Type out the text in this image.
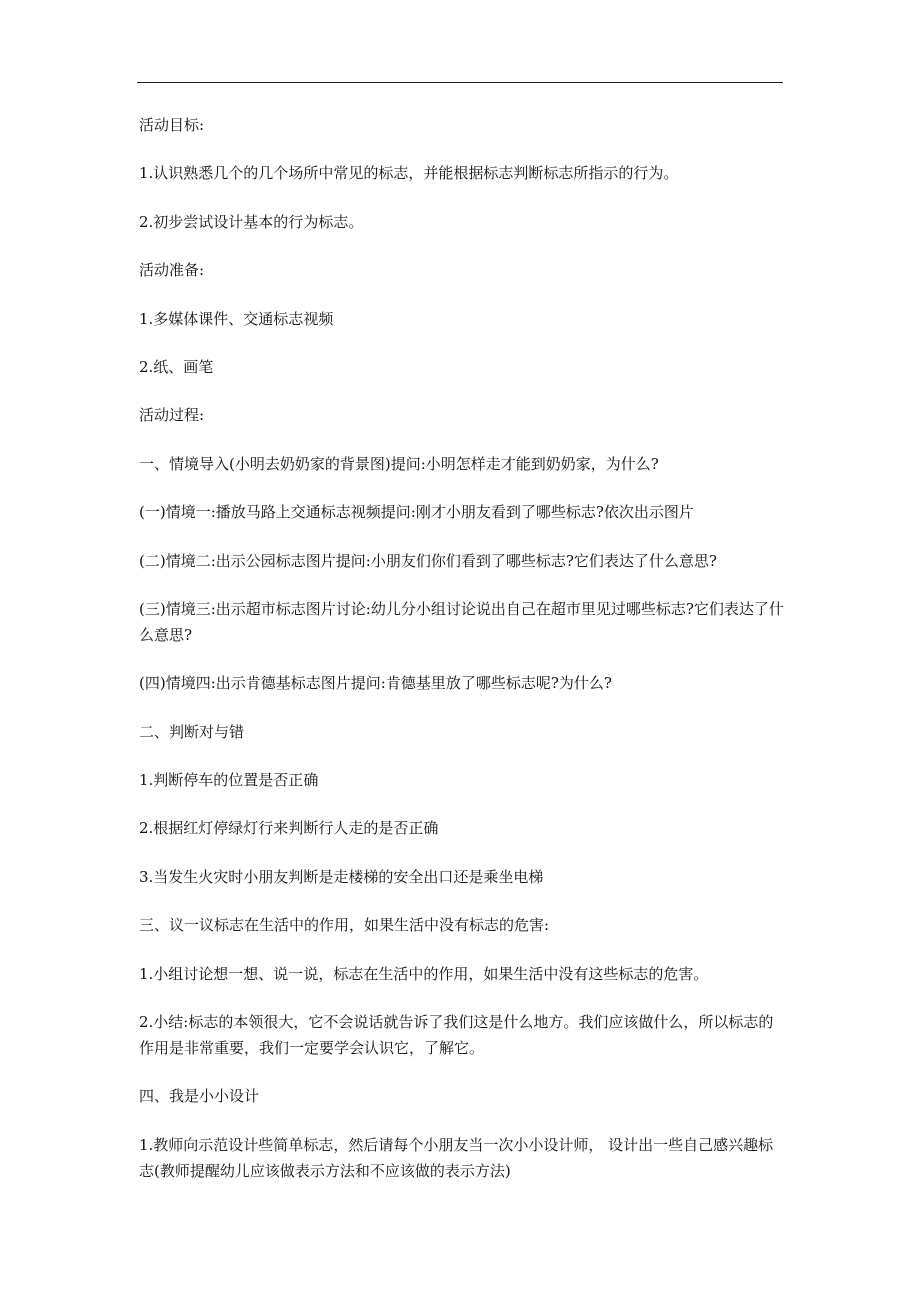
活动目标:

1.认识熟悉几个的几个场所中常见的标志，并能根据标志判断标志所指示的行为。

2.初步尝试设计基本的行为标志。

活动准备:

1.多媒体课件、交通标志视频

2.纸、画笔

活动过程:

一、情境导入(小明去奶奶家的背景图)提问:小明怎样走才能到奶奶家，为什么?

(一)情境一:播放马路上交通标志视频提问:刚才小朋友看到了哪些标志?依次出示图片

(二)情境二:出示公园标志图片提问:小朋友们你们看到了哪些标志?它们表达了什么意思?

(三)情境三:出示超市标志图片讨论:幼儿分小组讨论说出自己在超市里见过哪些标志?它们表达了什么意思?

(四)情境四:出示肯德基标志图片提问:肯德基里放了哪些标志呢?为什么?

二、判断对与错

1.判断停车的位置是否正确

2.根据红灯停绿灯行来判断行人走的是否正确

3.当发生火灾时小朋友判断是走楼梯的安全出口还是乘坐电梯

三、议一议标志在生活中的作用，如果生活中没有标志的危害:

1.小组讨论想一想、说一说，标志在生活中的作用，如果生活中没有这些标志的危害。

2.小结:标志的本领很大，它不会说话就告诉了我们这是什么地方。我们应该做什么，所以标志的作用是非常重要，我们一定要学会认识它，了解它。

四、我是小小设计

1.教师向示范设计些简单标志，然后请每个小朋友当一次小小设计师， 设计出一些自己感兴趣标志(教师提醒幼儿应该做表示方法和不应该做的表示方法)
